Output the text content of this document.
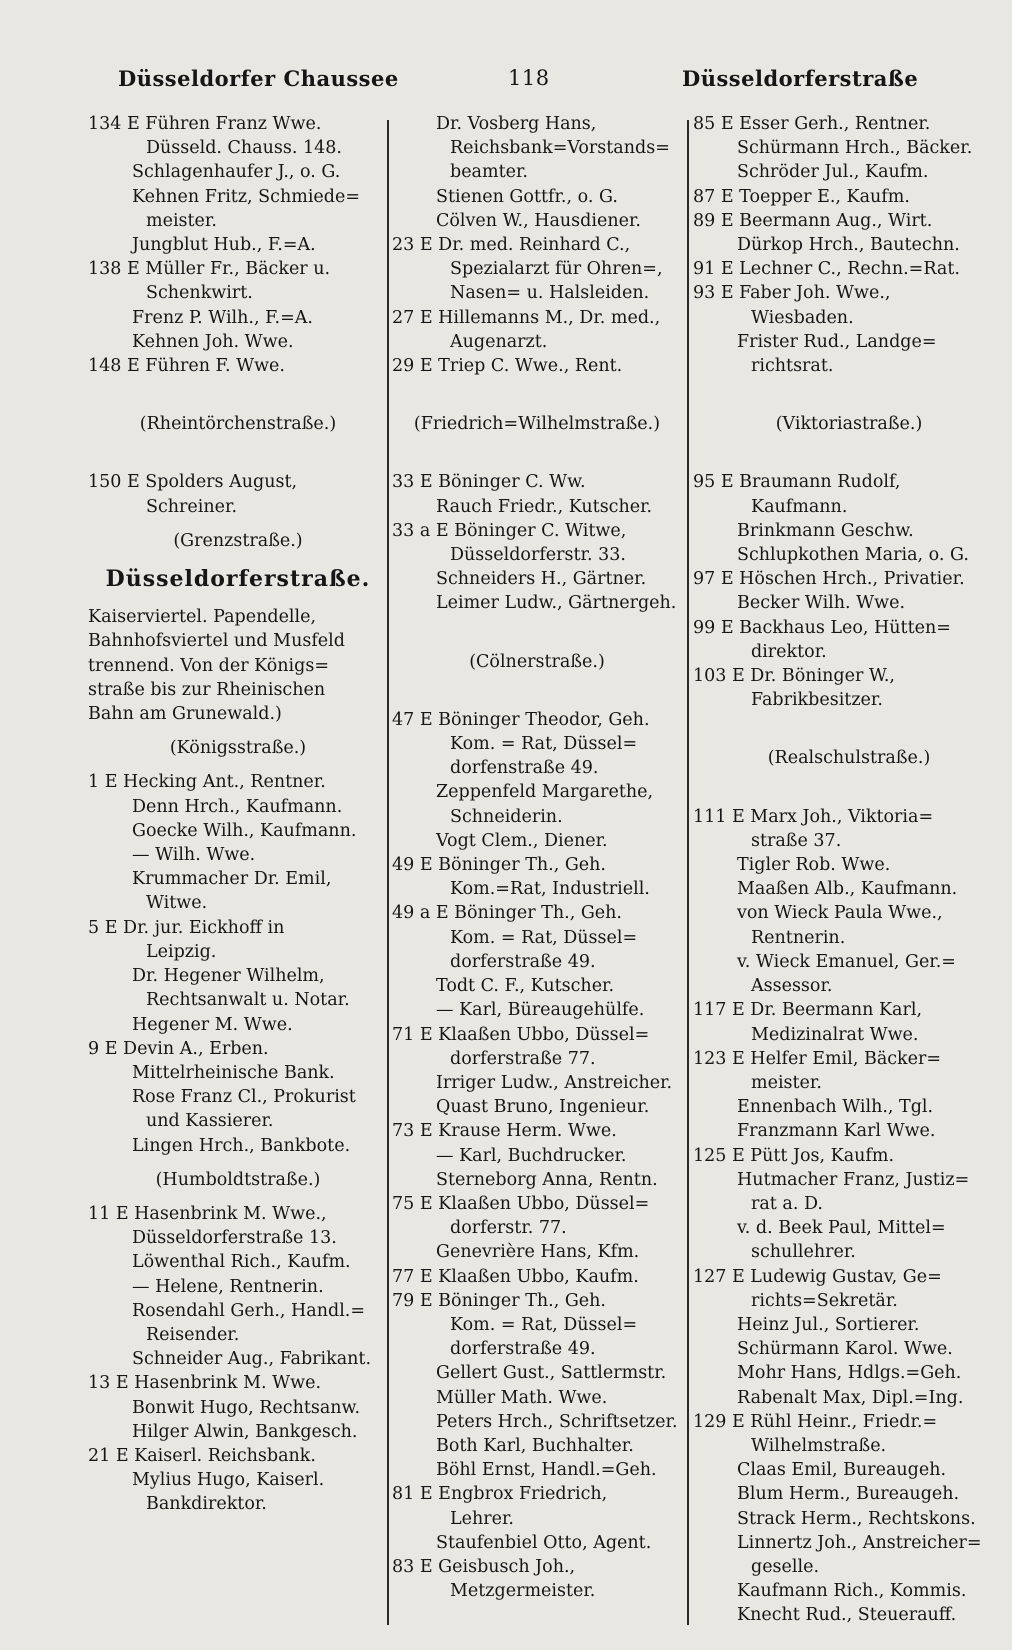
Düsseldorfer Chaussee	118	Düsseldorferstraße
134 E Führen Franz Wwe.
Düsseld. Chauss. 148.
Schlagenhaufer J., o. G.
Kehnen Fritz, Schmiede=
meister.
Jungblut Hub., F.=A.
138 E Müller Fr., Bäcker u.
Schenkwirt.
Frenz P. Wilh., F.=A.
Kehnen Joh. Wwe.
148 E Führen F. Wwe.
(Rheintörchenstraße.)
150 E Spolders August,
Schreiner.
(Grenzstraße.)
Düsseldorferstraße.
Kaiserviertel. Papendelle,
Bahnhofsviertel und Musfeld
trennend. Von der Königs=
straße bis zur Rheinischen
Bahn am Grunewald.)
(Königsstraße.)
1 E Hecking Ant., Rentner.
Denn Hrch., Kaufmann.
Goecke Wilh., Kaufmann.
— Wilh. Wwe.
Krummacher Dr. Emil,
Witwe.
5 E Dr. jur. Eickhoff in
Leipzig.
Dr. Hegener Wilhelm,
Rechtsanwalt u. Notar.
Hegener M. Wwe.
9 E Devin A., Erben.
Mittelrheinische Bank.
Rose Franz Cl., Prokurist
und Kassierer.
Lingen Hrch., Bankbote.
(Humboldtstraße.)
11 E Hasenbrink M. Wwe.,
Düsseldorferstraße 13.
Löwenthal Rich., Kaufm.
— Helene, Rentnerin.
Rosendahl Gerh., Handl.=
Reisender.
Schneider Aug., Fabrikant.
13 E Hasenbrink M. Wwe.
Bonwit Hugo, Rechtsanw.
Hilger Alwin, Bankgesch.
21 E Kaiserl. Reichsbank.
Mylius Hugo, Kaiserl.
Bankdirektor.
Dr. Vosberg Hans,
Reichsbank=Vorstands=
beamter.
Stienen Gottfr., o. G.
Cölven W., Hausdiener.
23 E Dr. med. Reinhard C.,
Spezialarzt für Ohren=,
Nasen= u. Halsleiden.
27 E Hillemanns M., Dr. med.,
Augenarzt.
29 E Triep C. Wwe., Rent.
(Friedrich=Wilhelmstraße.)
33 E Böninger C. Ww.
Rauch Friedr., Kutscher.
33 a E Böninger C. Witwe,
Düsseldorferstr. 33.
Schneiders H., Gärtner.
Leimer Ludw., Gärtnergeh.
(Cölnerstraße.)
47 E Böninger Theodor, Geh.
Kom. = Rat, Düssel=
dorfenstraße 49.
Zeppenfeld Margarethe,
Schneiderin.
Vogt Clem., Diener.
49 E Böninger Th., Geh.
Kom.=Rat, Industriell.
49 a E Böninger Th., Geh.
Kom. = Rat, Düssel=
dorferstraße 49.
Todt C. F., Kutscher.
— Karl, Büreaugehülfe.
71 E Klaaßen Ubbo, Düssel=
dorferstraße 77.
Irriger Ludw., Anstreicher.
Quast Bruno, Ingenieur.
73 E Krause Herm. Wwe.
— Karl, Buchdrucker.
Sterneborg Anna, Rentn.
75 E Klaaßen Ubbo, Düssel=
dorferstr. 77.
Genevrière Hans, Kfm.
77 E Klaaßen Ubbo, Kaufm.
79 E Böninger Th., Geh.
Kom. = Rat, Düssel=
dorferstraße 49.
Gellert Gust., Sattlermstr.
Müller Math. Wwe.
Peters Hrch., Schriftsetzer.
Both Karl, Buchhalter.
Böhl Ernst, Handl.=Geh.
81 E Engbrox Friedrich,
Lehrer.
Staufenbiel Otto, Agent.
83 E Geisbusch Joh.,
Metzgermeister.
85 E Esser Gerh., Rentner.
Schürmann Hrch., Bäcker.
Schröder Jul., Kaufm.
87 E Toepper E., Kaufm.
89 E Beermann Aug., Wirt.
Dürkop Hrch., Bautechn.
91 E Lechner C., Rechn.=Rat.
93 E Faber Joh. Wwe.,
Wiesbaden.
Frister Rud., Landge=
richtsrat.
(Viktoriastraße.)
95 E Braumann Rudolf,
Kaufmann.
Brinkmann Geschw.
Schlupkothen Maria, o. G.
97 E Höschen Hrch., Privatier.
Becker Wilh. Wwe.
99 E Backhaus Leo, Hütten=
direktor.
103 E Dr. Böninger W.,
Fabrikbesitzer.
(Realschulstraße.)
111 E Marx Joh., Viktoria=
straße 37.
Tigler Rob. Wwe.
Maaßen Alb., Kaufmann.
von Wieck Paula Wwe.,
Rentnerin.
v. Wieck Emanuel, Ger.=
Assessor.
117 E Dr. Beermann Karl,
Medizinalrat Wwe.
123 E Helfer Emil, Bäcker=
meister.
Ennenbach Wilh., Tgl.
Franzmann Karl Wwe.
125 E Pütt Jos, Kaufm.
Hutmacher Franz, Justiz=
rat a. D.
v. d. Beek Paul, Mittel=
schullehrer.
127 E Ludewig Gustav, Ge=
richts=Sekretär.
Heinz Jul., Sortierer.
Schürmann Karol. Wwe.
Mohr Hans, Hdlgs.=Geh.
Rabenalt Max, Dipl.=Ing.
129 E Rühl Heinr., Friedr.=
Wilhelmstraße.
Claas Emil, Bureaugeh.
Blum Herm., Bureaugeh.
Strack Herm., Rechtskons.
Linnertz Joh., Anstreicher=
geselle.
Kaufmann Rich., Kommis.
Knecht Rud., Steuerauff.
